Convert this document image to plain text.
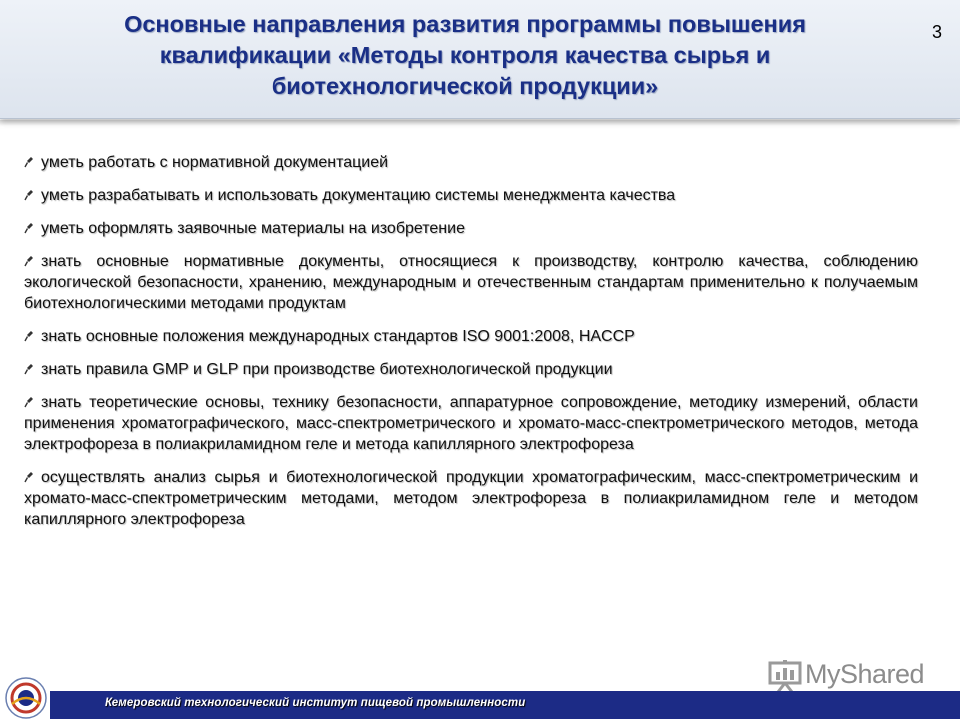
Основные направления развития программы повышения
квалификации «Методы контроля качества сырья и
биотехнологической продукции»
3
уметь работать с нормативной документацией
уметь разрабатывать и использовать документацию системы менеджмента качества
уметь оформлять заявочные материалы на изобретение
знать основные нормативные документы, относящиеся к производству, контролю качества, соблюдению экологической безопасности, хранению, международным и отечественным стандартам применительно к получаемым биотехнологическими методами продуктам
знать основные положения международных стандартов ISO 9001:2008, HACCP
знать правила GMP и GLP при производстве биотехнологической продукции
знать теоретические основы, технику безопасности, аппаратурное сопровождение, методику измерений, области применения хроматографического, масс-спектрометрического и хромато-масс-спектрометрического методов, метода электрофореза в полиакриламидном геле и метода капиллярного электрофореза
осуществлять анализ сырья и биотехнологической продукции хроматографическим, масс-спектрометрическим и хромато-масс-спектрометрическим методами, методом электрофореза в полиакриламидном геле и методом капиллярного электрофореза
MyShared
Кемеровский технологический институт пищевой промышленности
